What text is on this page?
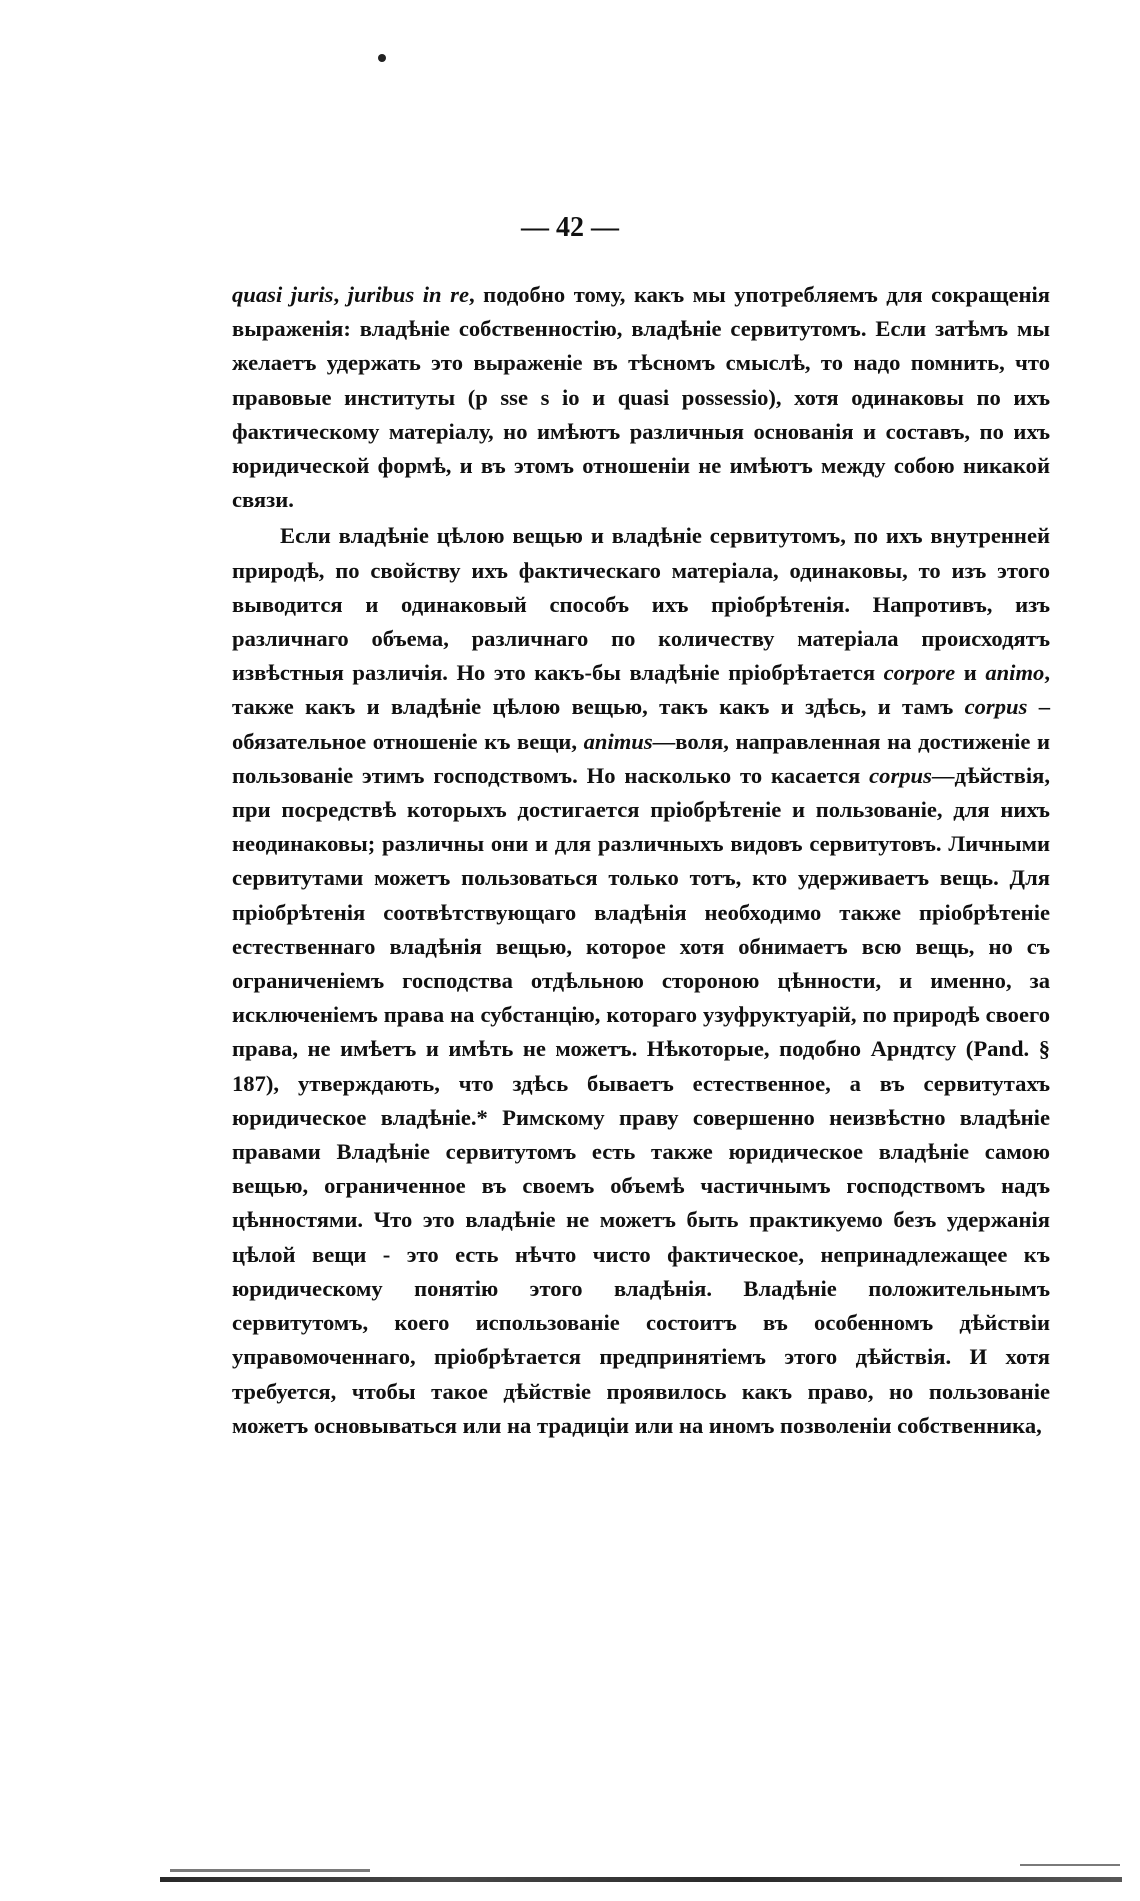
— 42 —

quasi juris, juribus in re, подобно тому, какъ мы употребляемъ для сокращенія выраженія: владѣніе собственностію, владѣніе сервитутомъ. Если затѣмъ мы желаетъ удержать это выраженіе въ тѣсномъ смыслѣ, то надо помнить, что правовые институты (p sse s io и quasi possessio), хотя одинаковы по ихъ фактическому матеріалу, но имѣютъ различныя основанія и составъ, по ихъ юридической формѣ, и въ этомъ отношеніи не имѣютъ между собою никакой связи.

Если владѣніе цѣлою вещью и владѣніе сервитутомъ, по ихъ внутренней природѣ, по свойству ихъ фактическаго матеріала, одинаковы, то изъ этого выводится и одинаковый способъ ихъ пріобрѣтенія. Напротивъ, изъ различнаго объема, различнаго по количеству матеріала происходятъ извѣстныя различія. Но это какъ-бы владѣніе пріобрѣтается corpore и anіmo, также какъ и владѣніе цѣлою вещью, такъ какъ и здѣсь, и тамъ corpus – обязательное отношеніе къ вещи, animus—воля, направленная на достиженіе и пользованіе этимъ господствомъ. Но насколько то касается corpus—дѣйствія, при посредствѣ которыхъ достигается пріобрѣтеніе и пользованіе, для нихъ неодинаковы; различны они и для различныхъ видовъ сервитутовъ. Личными сервитутами можетъ пользоваться только тотъ, кто удерживаетъ вещь. Для пріобрѣтенія соотвѣтствующаго владѣнія необходимо также пріобрѣтеніе естественнаго владѣнія вещью, которое хотя обнимаетъ всю вещь, но съ ограниченіемъ господства отдѣльною стороною цѣнности, и именно, за исключеніемъ права на субстанцію, котораго узуфруктуарій, по природѣ своего права, не имѣетъ и имѣть не можетъ. Нѣкоторые, подобно Арндтсу (Pand. § 187), утверждають, что здѣсь бываетъ естественное, а въ сервитутахъ юридическое владѣніе.* Римскому праву совершенно неизвѣстно владѣніе правами Владѣніе сервитутомъ есть также юридическое владѣніе самою вещью, ограниченное въ своемъ объемѣ частичнымъ господствомъ надъ цѣнностями. Что это владѣніе не можетъ быть практикуемо безъ удержанія цѣлой вещи - это есть нѣчто чисто фактическое, непринадлежащее къ юридическому понятію этого владѣнія. Владѣніе положительнымъ сервитутомъ, коего использованіе состоитъ въ особенномъ дѣйствіи управомоченнаго, пріобрѣтается предпринятіемъ этого дѣйствія. И хотя требуется, чтобы такое дѣйствіе проявилось какъ право, но пользованіе можетъ основываться или на традиціи или на иномъ позволеніи собственника,
